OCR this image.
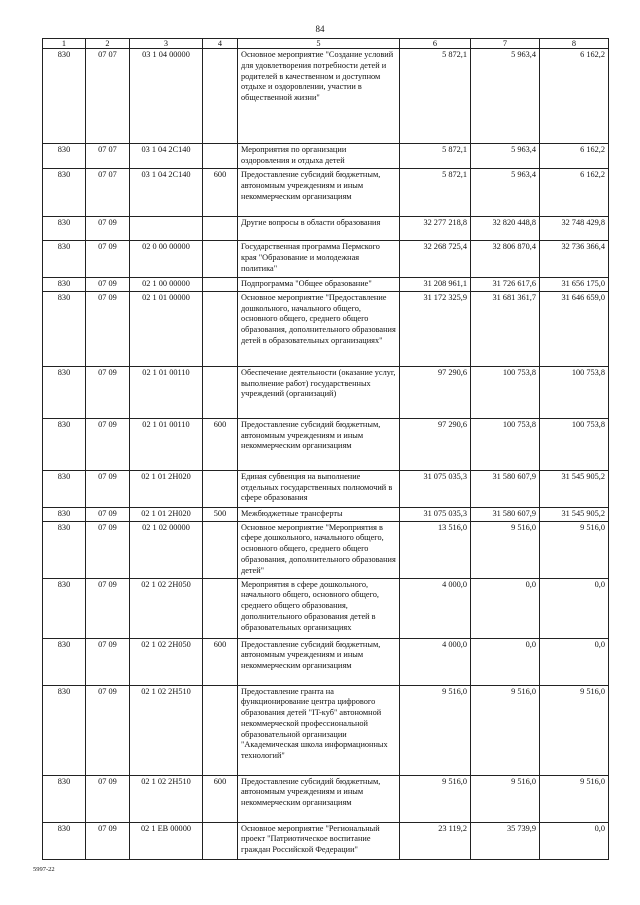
84
1	2	3	4	5	6	7	8
830	07 07	03 1 04 00000		Основное мероприятие "Создание условий для удовлетворения потребности детей и родителей в качественном и доступном отдыхе и оздоровлении, участии в общественной жизни"	5 872,1	5 963,4	6 162,2
830	07 07	03 1 04 2С140		Мероприятия по организации оздоровления и отдыха детей	5 872,1	5 963,4	6 162,2
830	07 07	03 1 04 2С140	600	Предоставление субсидий бюджетным, автономным учреждениям и иным некоммерческим организациям	5 872,1	5 963,4	6 162,2
830	07 09			Другие вопросы в области образования	32 277 218,8	32 820 448,8	32 748 429,8
830	07 09	02 0 00 00000		Государственная программа Пермского края "Образование и молодежная политика"	32 268 725,4	32 806 870,4	32 736 366,4
830	07 09	02 1 00 00000		Подпрограмма "Общее образование"	31 208 961,1	31 726 617,6	31 656 175,0
830	07 09	02 1 01 00000		Основное мероприятие "Предоставление дошкольного, начального общего, основного общего, среднего общего образования, дополнительного образования детей в образовательных организациях"	31 172 325,9	31 681 361,7	31 646 659,0
830	07 09	02 1 01 00110		Обеспечение деятельности (оказание услуг, выполнение работ) государственных учреждений (организаций)	97 290,6	100 753,8	100 753,8
830	07 09	02 1 01 00110	600	Предоставление субсидий бюджетным, автономным учреждениям и иным некоммерческим организациям	97 290,6	100 753,8	100 753,8
830	07 09	02 1 01 2Н020		Единая субвенция на выполнение отдельных государственных полномочий в сфере образования	31 075 035,3	31 580 607,9	31 545 905,2
830	07 09	02 1 01 2Н020	500	Межбюджетные трансферты	31 075 035,3	31 580 607,9	31 545 905,2
830	07 09	02 1 02 00000		Основное мероприятие "Мероприятия в сфере дошкольного, начального общего, основного общего, среднего общего образования, дополнительного образования детей"	13 516,0	9 516,0	9 516,0
830	07 09	02 1 02 2Н050		Мероприятия в сфере дошкольного, начального общего, основного общего, среднего общего образования, дополнительного образования детей в образовательных организациях	4 000,0	0,0	0,0
830	07 09	02 1 02 2Н050	600	Предоставление субсидий бюджетным, автономным учреждениям и иным некоммерческим организациям	4 000,0	0,0	0,0
830	07 09	02 1 02 2Н510		Предоставление гранта на функционирование центра цифрового образования детей "IT-куб" автономной некоммерческой профессиональной образовательной организации "Академическая школа информационных технологий"	9 516,0	9 516,0	9 516,0
830	07 09	02 1 02 2Н510	600	Предоставление субсидий бюджетным, автономным учреждениям и иным некоммерческим организациям	9 516,0	9 516,0	9 516,0
830	07 09	02 1 ЕВ 00000		Основное мероприятие "Региональный проект "Патриотическое воспитание граждан Российской Федерации"	23 119,2	35 739,9	0,0
5997-22
